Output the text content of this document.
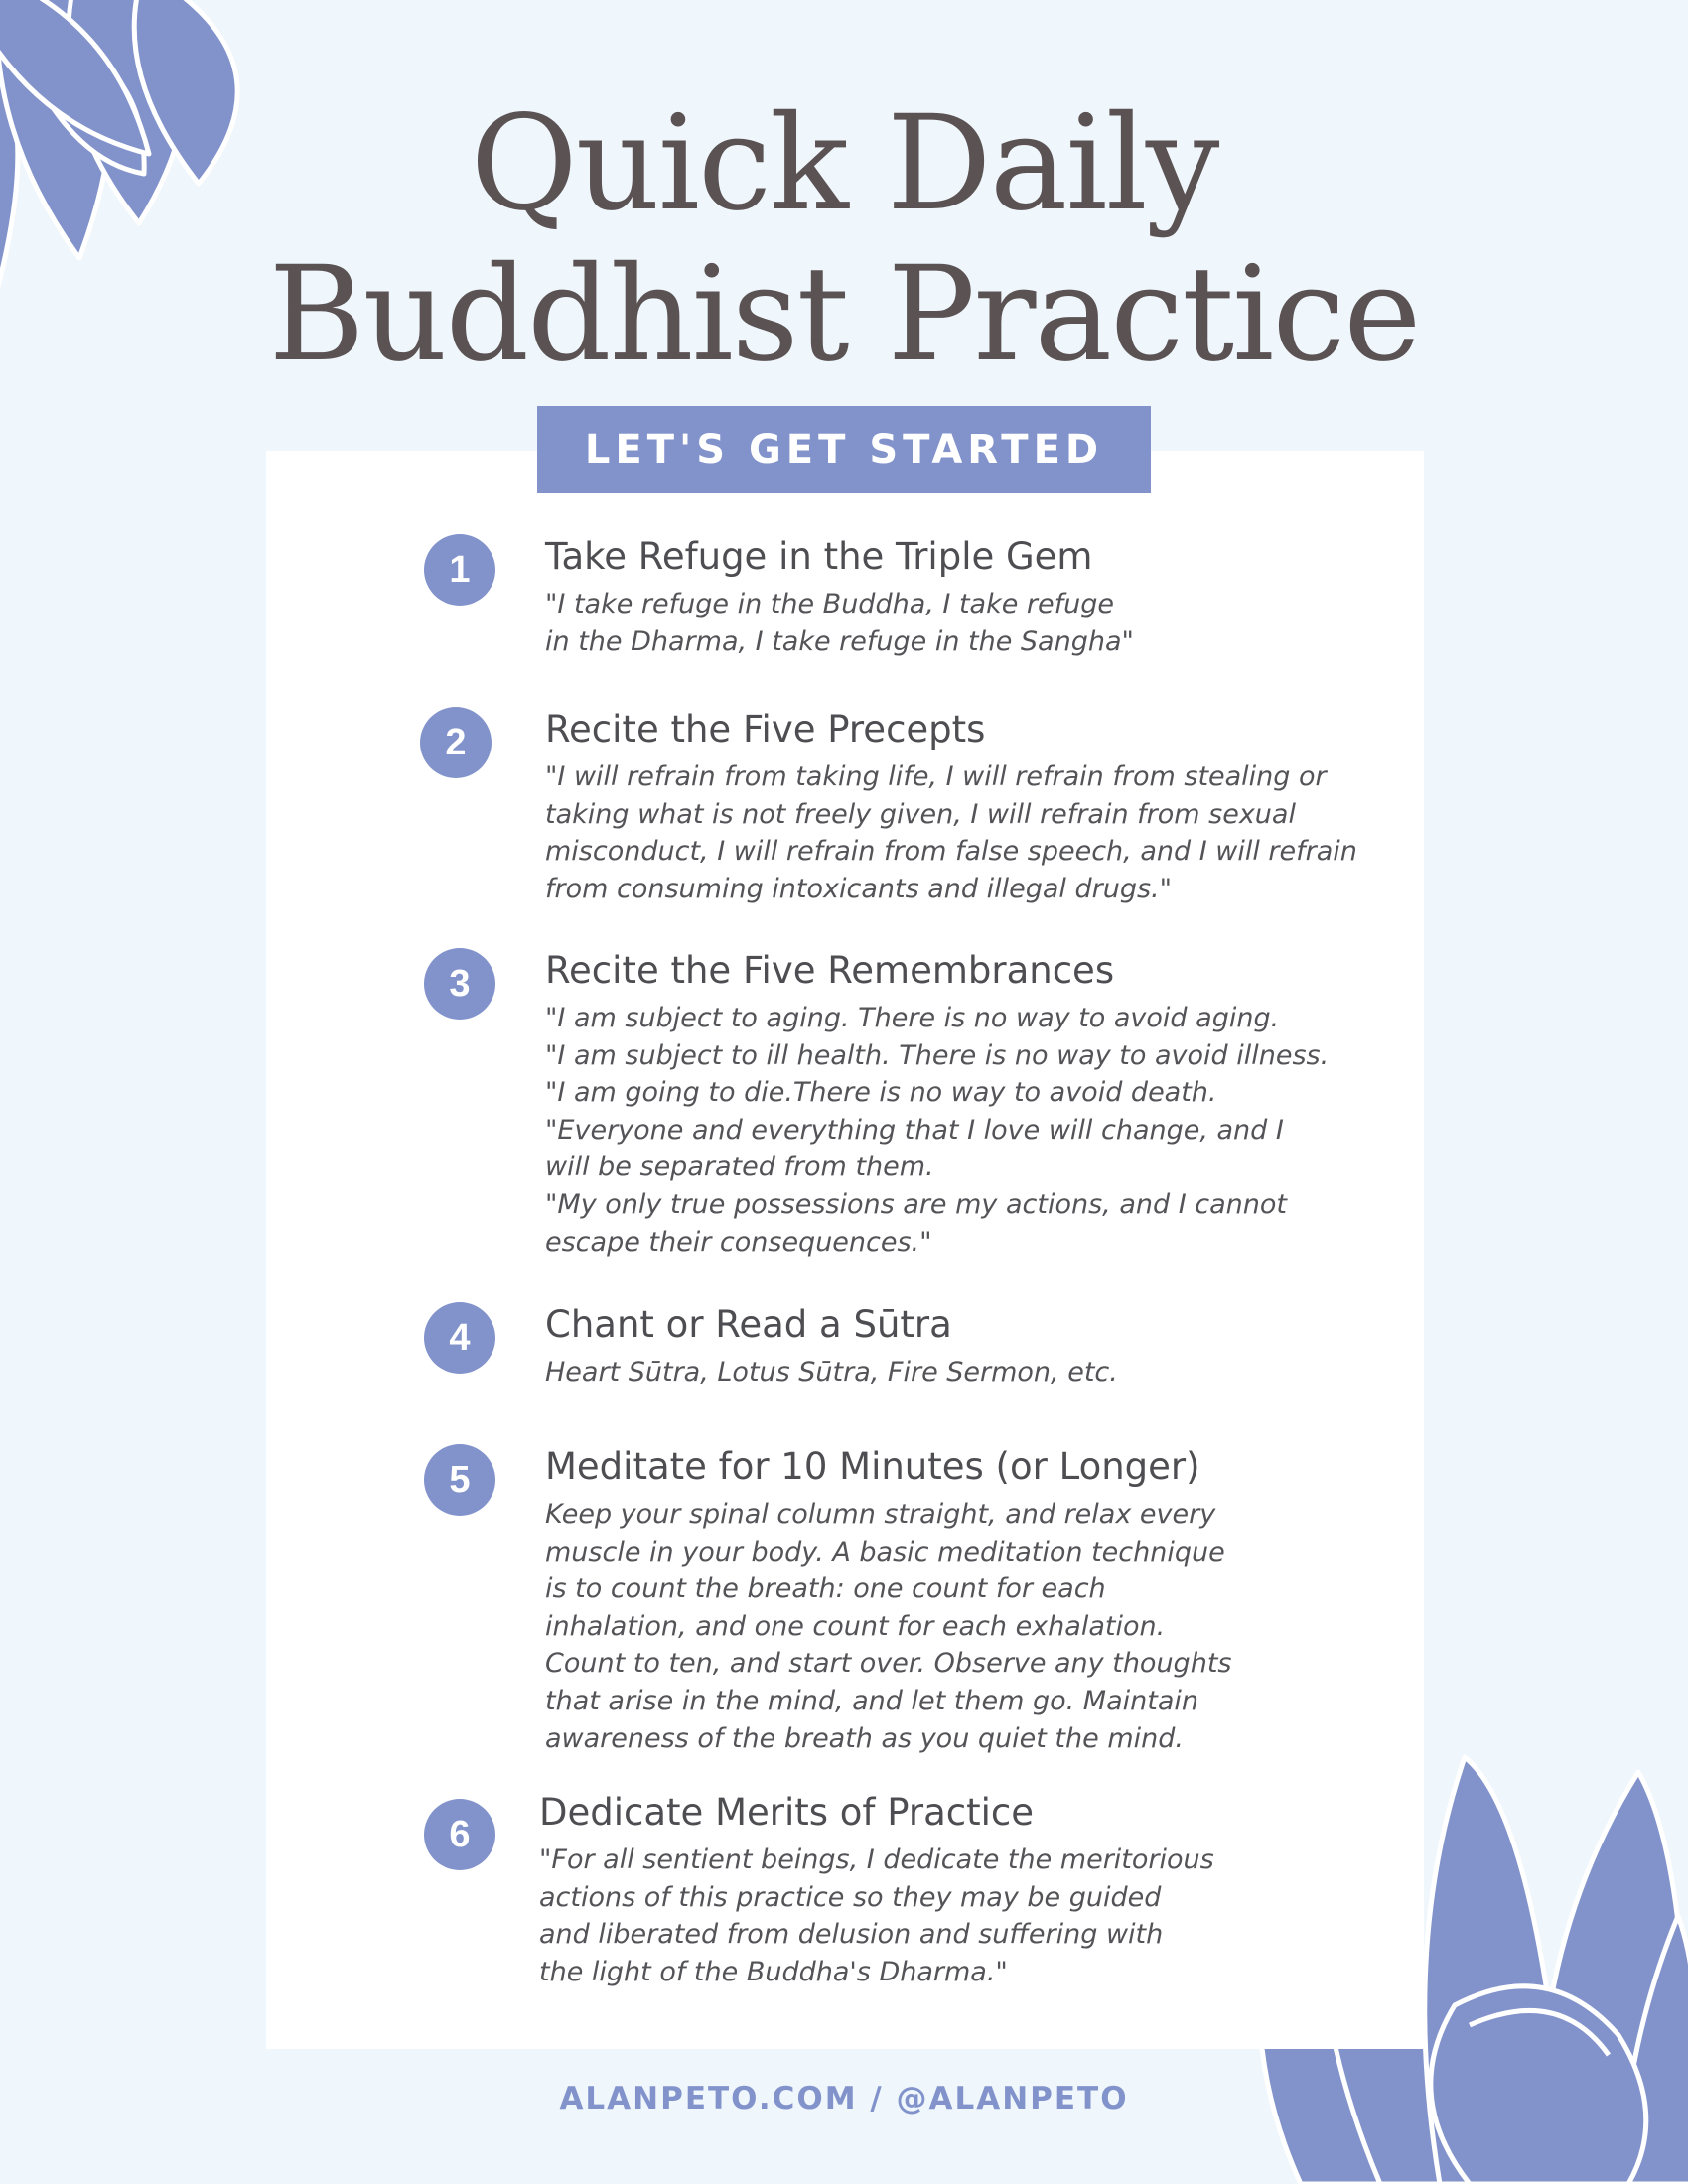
Quick Daily
Buddhist Practice
LET'S GET STARTED
1	Take Refuge in the Triple Gem
"I take refuge in the Buddha, I take refuge
in the Dharma, I take refuge in the Sangha"
2	Recite the Five Precepts
"I will refrain from taking life, I will refrain from stealing or
taking what is not freely given, I will refrain from sexual
misconduct, I will refrain from false speech, and I will refrain
from consuming intoxicants and illegal drugs."
3	Recite the Five Remembrances
"I am subject to aging. There is no way to avoid aging.
"I am subject to ill health. There is no way to avoid illness.
"I am going to die.There is no way to avoid death.
"Everyone and everything that I love will change, and I
will be separated from them.
"My only true possessions are my actions, and I cannot
escape their consequences."
4	Chant or Read a Sūtra
Heart Sūtra, Lotus Sūtra, Fire Sermon, etc.
5	Meditate for 10 Minutes (or Longer)
Keep your spinal column straight, and relax every
muscle in your body. A basic meditation technique
is to count the breath: one count for each
inhalation, and one count for each exhalation.
Count to ten, and start over. Observe any thoughts
that arise in the mind, and let them go. Maintain
awareness of the breath as you quiet the mind.
6
Dedicate Merits of Practice
"For all sentient beings, I dedicate the meritorious
actions of this practice so they may be guided
and liberated from delusion and suffering with
the light of the Buddha's Dharma."
ALANPETO.COM / @ALANPETO
